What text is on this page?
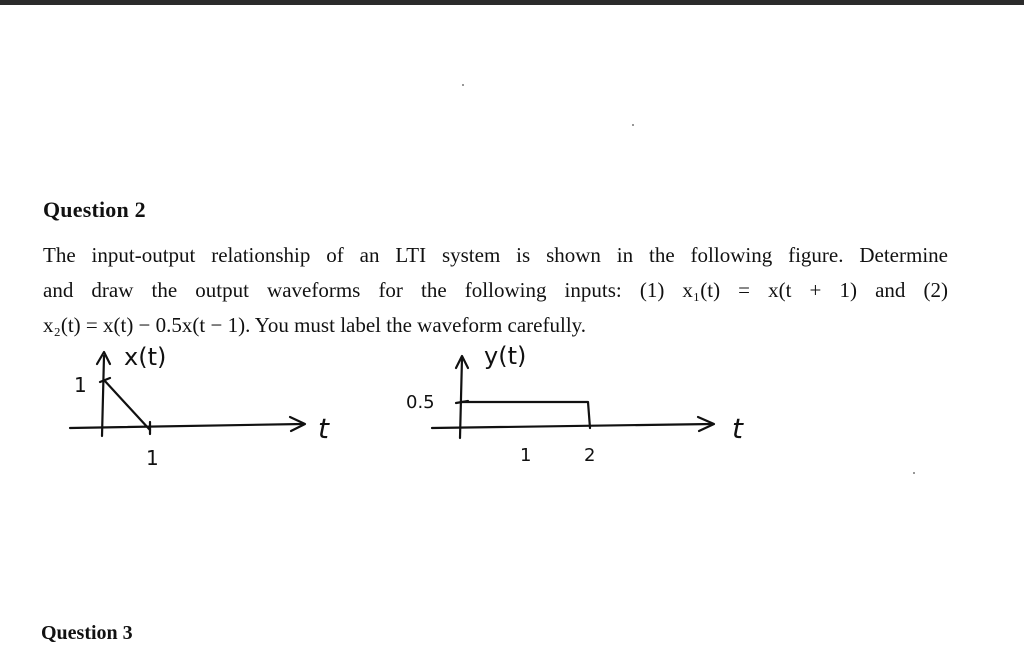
Question 2
The input-output relationship of an LTI system is shown in the following figure. Determine
and draw the output waveforms for the following inputs: (1) x₁(t) = x(t + 1) and (2)
x₂(t) = x(t) − 0.5x(t − 1). You must label the waveform carefully.
x(t)
t
1
1
y(t)
t
0.5
1	2
Question 3
